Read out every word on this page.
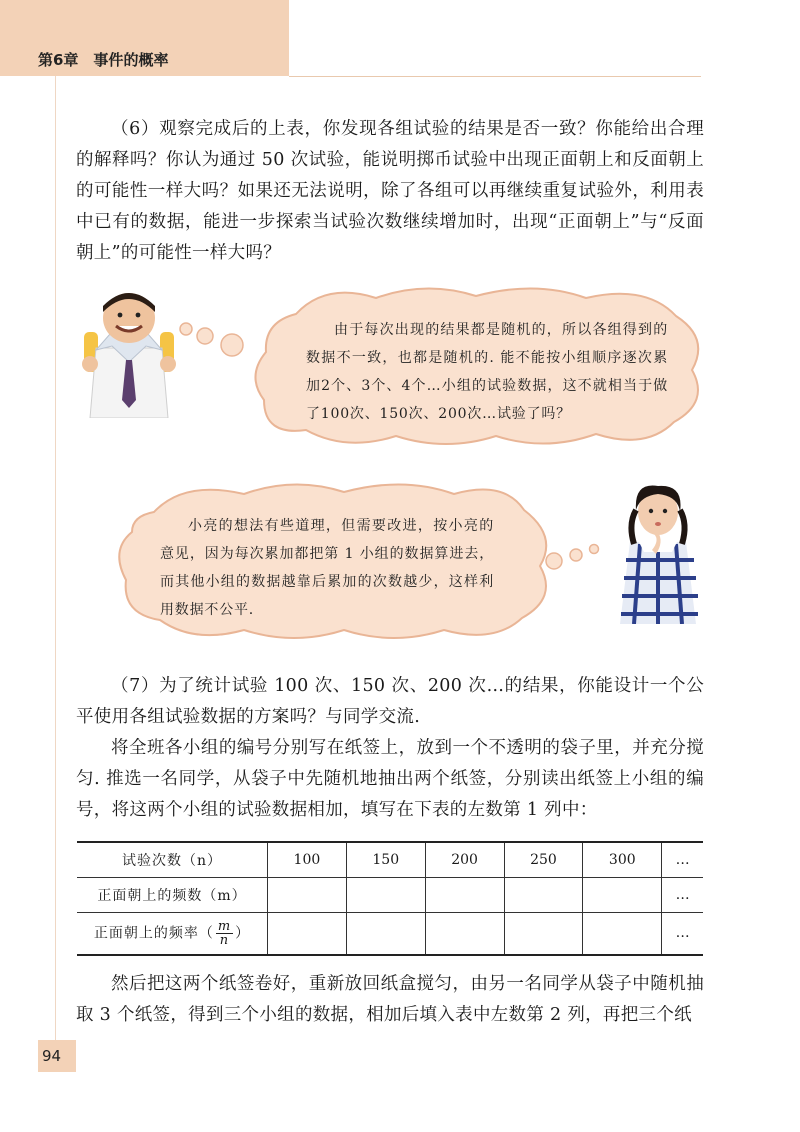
第6章　事件的概率
（6）观察完成后的上表，你发现各组试验的结果是否一致？你能给出合理的解释吗？你认为通过 50 次试验，能说明掷币试验中出现正面朝上和反面朝上的可能性一样大吗？如果还无法说明，除了各组可以再继续重复试验外，利用表中已有的数据，能进一步探索当试验次数继续增加时，出现“正面朝上”与“反面朝上”的可能性一样大吗？
由于每次出现的结果都是随机的，所以各组得到的数据不一致，也都是随机的. 能不能按小组顺序逐次累加2个、3个、4个…小组的试验数据，这不就相当于做了100次、150次、200次…试验了吗？
小亮的想法有些道理，但需要改进，按小亮的意见，因为每次累加都把第 1 小组的数据算进去，而其他小组的数据越靠后累加的次数越少，这样利用数据不公平.
（7）为了统计试验 100 次、150 次、200 次…的结果，你能设计一个公平使用各组试验数据的方案吗？与同学交流.
将全班各小组的编号分别写在纸签上，放到一个不透明的袋子里，并充分搅匀. 推选一名同学，从袋子中先随机地抽出两个纸签，分别读出纸签上小组的编号，将这两个小组的试验数据相加，填写在下表的左数第 1 列中：
试验次数（n）	100	150	200	250	300	…
正面朝上的频数（m）						…
正面朝上的频率（ $\frac{m}{n}$ ）						…
然后把这两个纸签卷好，重新放回纸盒搅匀，由另一名同学从袋子中随机抽取 3 个纸签，得到三个小组的数据，相加后填入表中左数第 2 列，再把三个纸
94
